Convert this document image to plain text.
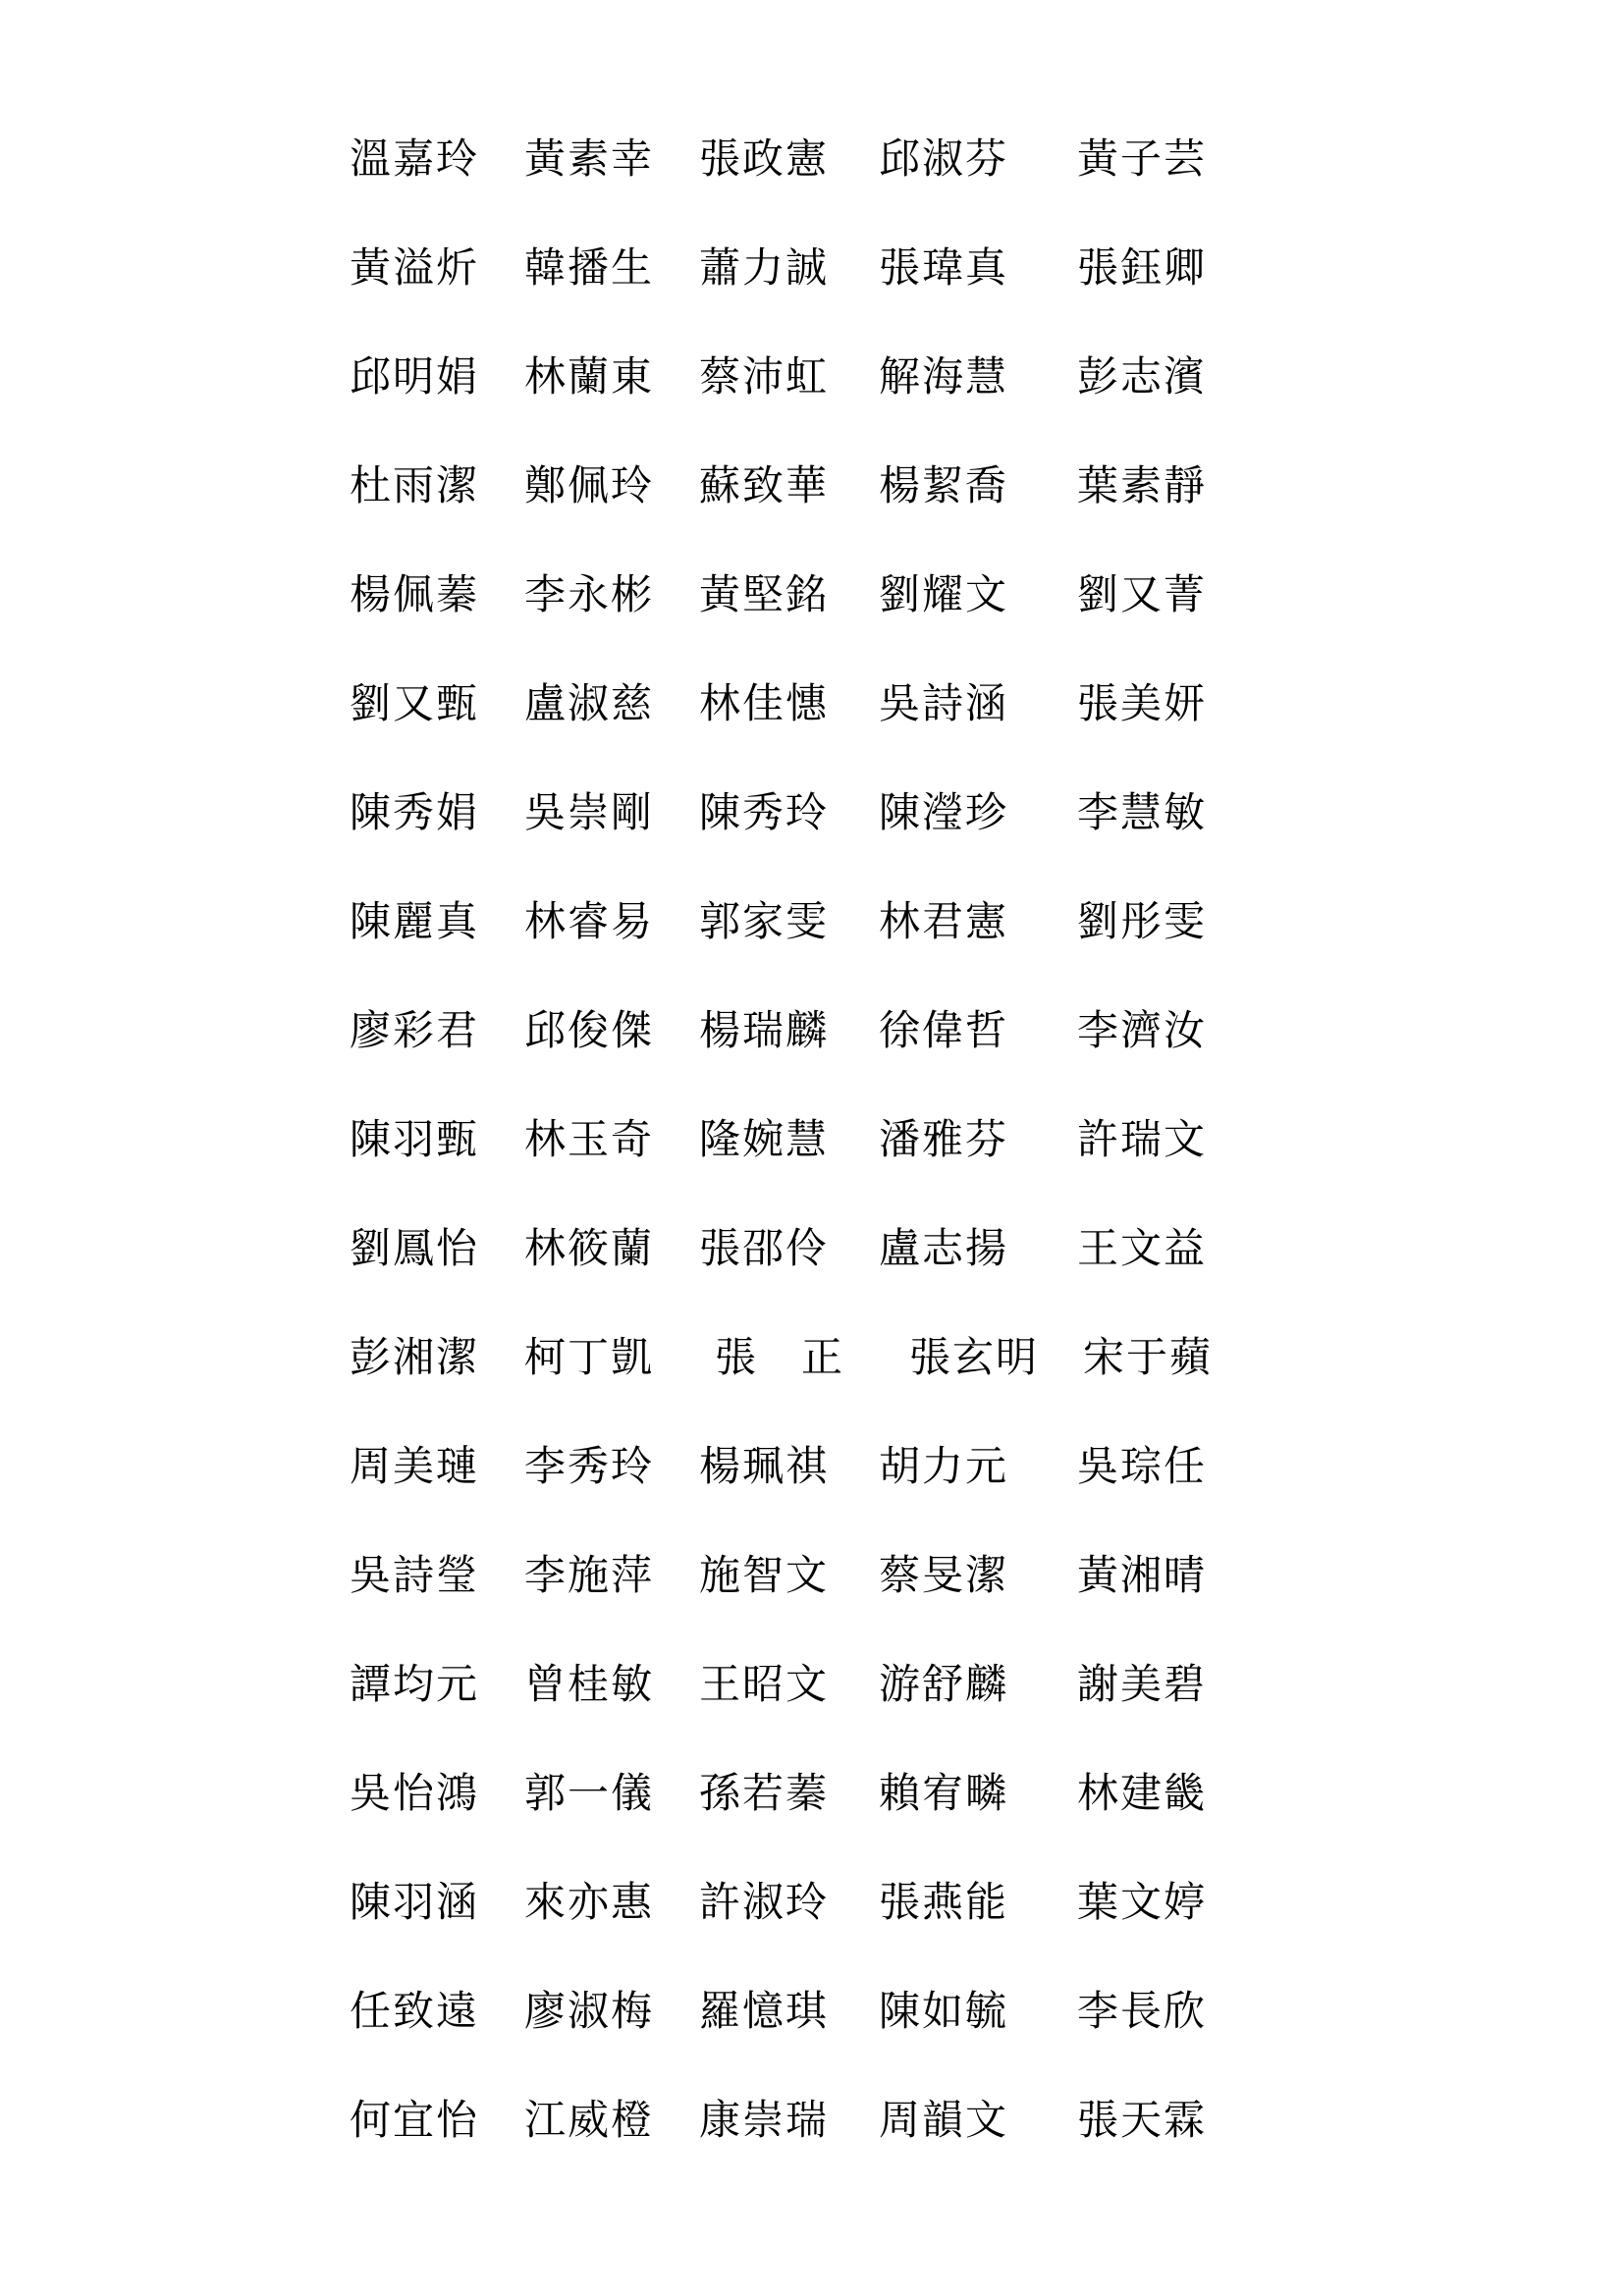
溫嘉玲 黃素幸 張政憲 邱淑芬 黃子芸
黃溢炘 韓播生 蕭力誠 張瑋真 張鈺卿
邱明娟 林蘭東 蔡沛虹 解海慧 彭志濱
杜雨潔 鄭佩玲 蘇致華 楊絜喬 葉素靜
楊佩蓁 李永彬 黃堅銘 劉耀文 劉又菁
劉又甄 盧淑慈 林佳憓 吳詩涵 張美妍
陳秀娟 吳崇剛 陳秀玲 陳瀅珍 李慧敏
陳麗真 林睿易 郭家雯 林君憲 劉彤雯
廖彩君 邱俊傑 楊瑞麟 徐偉哲 李濟汝
陳羽甄 林玉奇 隆婉慧 潘雅芬 許瑞文
劉鳳怡 林筱蘭 張邵伶 盧志揚 王文益
彭湘潔 柯丁凱 張　正 張玄明 宋于蘋
周美璉 李秀玲 楊珮祺 胡力元 吳琮任
吳詩瑩 李施萍 施智文 蔡旻潔 黃湘晴
譚均元 曾桂敏 王昭文 游舒麟 謝美碧
吳怡鴻 郭一儀 孫若蓁 賴宥疄 林建畿
陳羽涵 來亦惠 許淑玲 張燕能 葉文婷
任致遠 廖淑梅 羅憶琪 陳如毓 李長欣
何宜怡 江威橙 康崇瑞 周韻文 張天霖
